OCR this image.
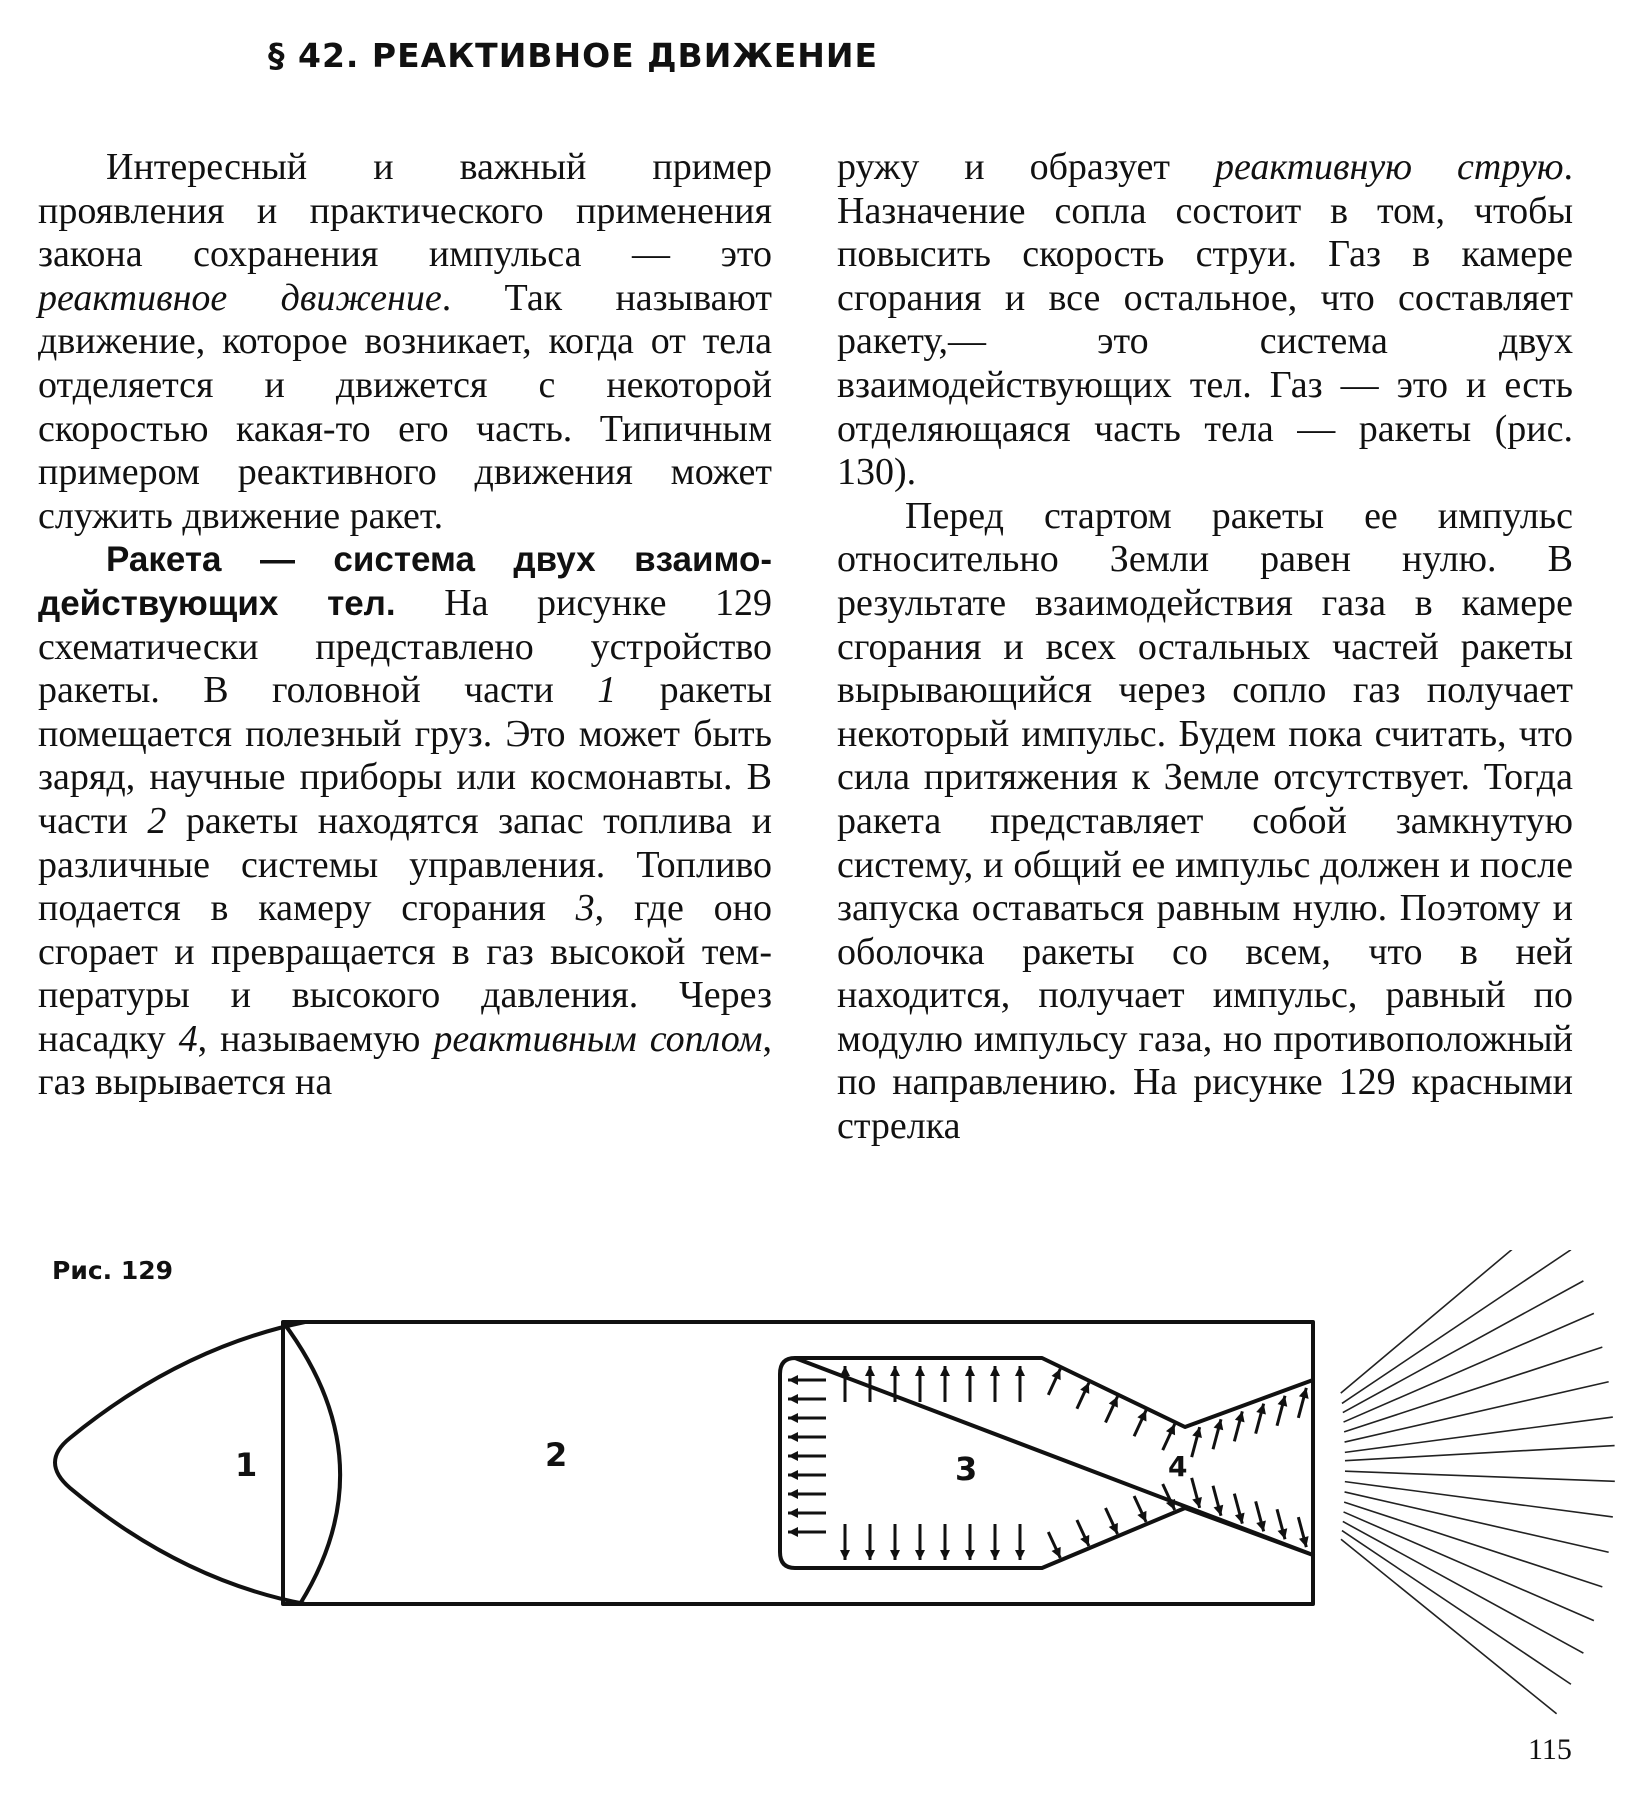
§ 42. РЕАКТИВНОЕ ДВИЖЕНИЕ

Интересный и важный пример проявления и практического применения закона сохранения импульса — это реактивное движение. Так называют движение, которое возникает, когда от тела отделяется и движется с некоторой скоростью какая-то его часть. Типичным примером реактивного движения может служить движение ракет.

Ракета — система двух взаимодействующих тел. На рисунке 129 схематически представлено устройство ракеты. В головной части 1 ракеты помещается полезный груз. Это может быть заряд, научные приборы или космонавты. В части 2 ракеты находятся запас топлива и различные системы управления. Топливо подается в камеру сгорания 3, где оно сгорает и превращается в газ высокой температуры и высокого давления. Через насадку 4, называемую реактивным соплом, газ вырывается на

ружу и образует реактивную струю. Назначение сопла состоит в том, чтобы повысить скорость струи. Газ в камере сгорания и все остальное, что составляет ракету,— это система двух взаимодействующих тел. Газ — это и есть отделяющаяся часть тела — ракеты (рис. 130).

Перед стартом ракеты ее импульс относительно Земли равен нулю. В результате взаимодействия газа в камере сгорания и всех остальных частей ракеты вырывающийся через сопло газ получает некоторый импульс. Будем пока считать, что сила притяжения к Земле отсутствует. Тогда ракета представляет собой замкнутую систему, и общий ее импульс должен и после запуска оставаться равным нулю. Поэтому и оболочка ракеты со всем, что в ней находится, получает импульс, равный по модулю импульсу газа, но противоположный по направлению. На рисунке 129 красными стрелка

Рис. 129
1	2	3	4
115
